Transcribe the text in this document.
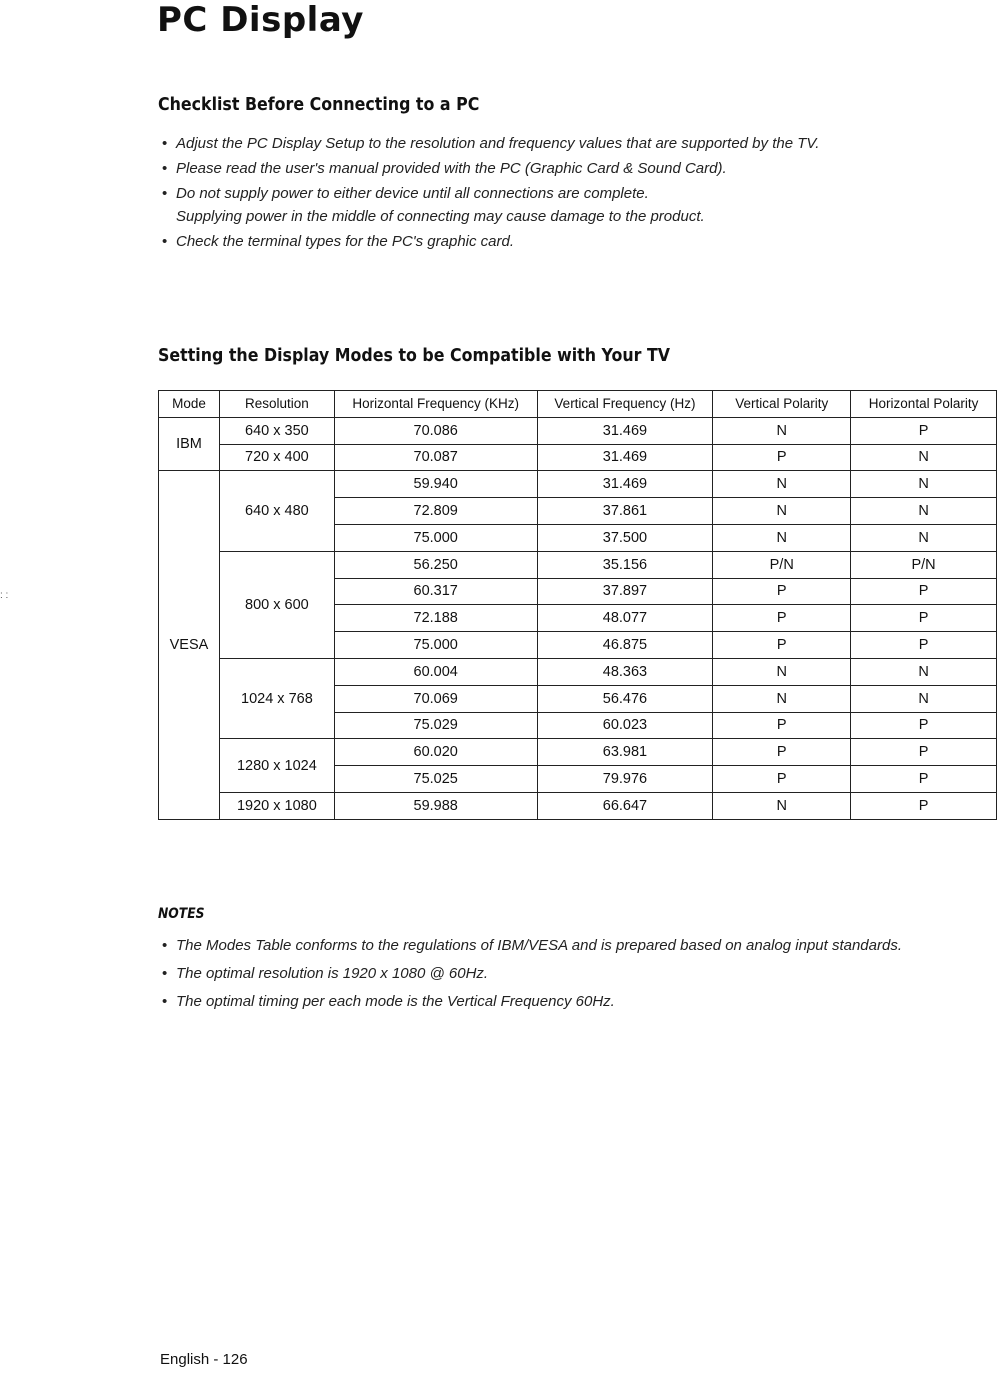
PC Display
Checklist Before Connecting to a PC
• Adjust the PC Display Setup to the resolution and frequency values that are supported by the TV.
• Please read the user's manual provided with the PC (Graphic Card & Sound Card).
• Do not supply power to either device until all connections are complete.
Supplying power in the middle of connecting may cause damage to the product.
• Check the terminal types for the PC's graphic card.
Setting the Display Modes to be Compatible with Your TV
Mode	Resolution	Horizontal Frequency (KHz)	Vertical Frequency (Hz)	Vertical Polarity	Horizontal Polarity
IBM	640 x 350	70.086	31.469	N	P
	720 x 400	70.087	31.469	P	N
VESA	640 x 480	59.940	31.469	N	N
		72.809	37.861	N	N
		75.000	37.500	N	N
	800 x 600	56.250	35.156	P/N	P/N
		60.317	37.897	P	P
		72.188	48.077	P	P
		75.000	46.875	P	P
	1024 x 768	60.004	48.363	N	N
		70.069	56.476	N	N
		75.029	60.023	P	P
	1280 x 1024	60.020	63.981	P	P
		75.025	79.976	P	P
	1920 x 1080	59.988	66.647	N	P
NOTES
• The Modes Table conforms to the regulations of IBM/VESA and is prepared based on analog input standards.
• The optimal resolution is 1920 x 1080 @ 60Hz.
• The optimal timing per each mode is the Vertical Frequency 60Hz.
: :
English - 126
